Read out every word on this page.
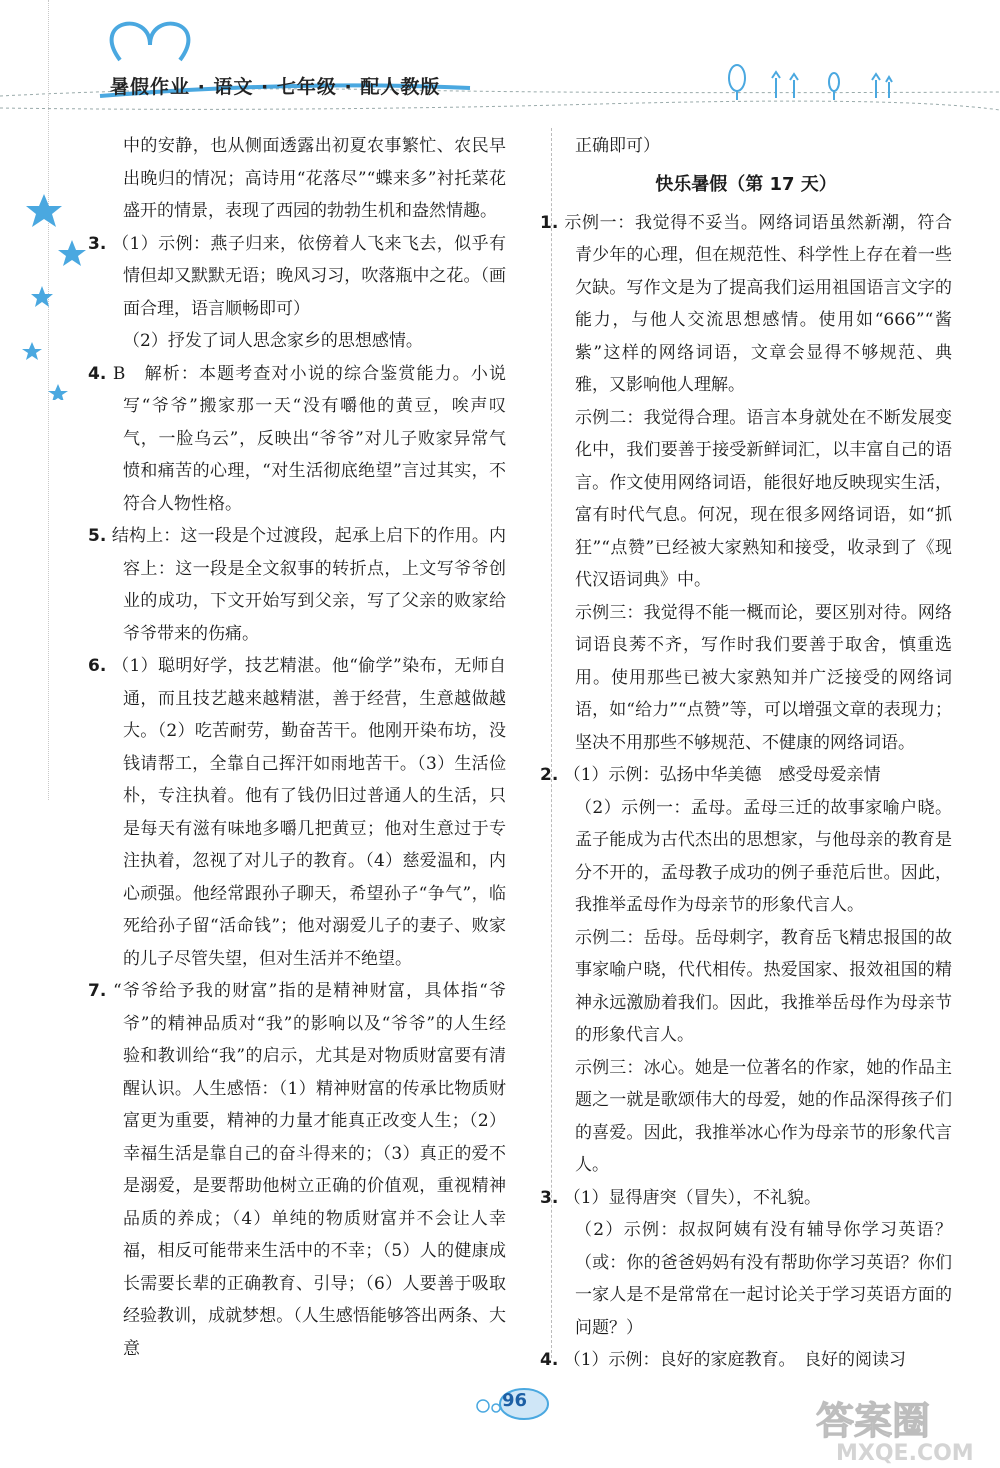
暑假作业 · 语文 · 七年级 · 配人教版

中的安静，也从侧面透露出初夏农事繁忙、农民早出晚归的情况；高诗用“花落尽”“蝶来多”衬托菜花盛开的情景，表现了西园的勃勃生机和盎然情趣。

3. （1）示例：燕子归来，依傍着人飞来飞去，似乎有情但却又默默无语；晚风习习，吹落瓶中之花。（画面合理，语言顺畅即可）

（2）抒发了词人思念家乡的思想感情。

4. B　解析：本题考查对小说的综合鉴赏能力。小说写“爷爷”搬家那一天“没有嚼他的黄豆，唉声叹气，一脸乌云”，反映出“爷爷”对儿子败家异常气愤和痛苦的心理，“对生活彻底绝望”言过其实，不符合人物性格。

5. 结构上：这一段是个过渡段，起承上启下的作用。内容上：这一段是全文叙事的转折点，上文写爷爷创业的成功，下文开始写到父亲，写了父亲的败家给爷爷带来的伤痛。

6. （1）聪明好学，技艺精湛。他“偷学”染布，无师自通，而且技艺越来越精湛，善于经营，生意越做越大。（2）吃苦耐劳，勤奋苦干。他刚开染布坊，没钱请帮工，全靠自己挥汗如雨地苦干。（3）生活俭朴，专注执着。他有了钱仍旧过普通人的生活，只是每天有滋有味地多嚼几把黄豆；他对生意过于专注执着，忽视了对儿子的教育。（4）慈爱温和，内心顽强。他经常跟孙子聊天，希望孙子“争气”，临死给孙子留“活命钱”；他对溺爱儿子的妻子、败家的儿子尽管失望，但对生活并不绝望。

7. “爷爷给予我的财富”指的是精神财富，具体指“爷爷”的精神品质对“我”的影响以及“爷爷”的人生经验和教训给“我”的启示，尤其是对物质财富要有清醒认识。人生感悟：（1）精神财富的传承比物质财富更为重要，精神的力量才能真正改变人生；（2）幸福生活是靠自己的奋斗得来的；（3）真正的爱不是溺爱，是要帮助他树立正确的价值观，重视精神品质的养成；（4）单纯的物质财富并不会让人幸福，相反可能带来生活中的不幸；（5）人的健康成长需要长辈的正确教育、引导；（6）人要善于吸取经验教训，成就梦想。（人生感悟能够答出两条、大意

正确即可）

快乐暑假（第 17 天）

1. 示例一：我觉得不妥当。网络词语虽然新潮，符合青少年的心理，但在规范性、科学性上存在着一些欠缺。写作文是为了提高我们运用祖国语言文字的能力，与他人交流思想感情。使用如“666”“酱紫”这样的网络词语，文章会显得不够规范、典雅，又影响他人理解。

示例二：我觉得合理。语言本身就处在不断发展变化中，我们要善于接受新鲜词汇，以丰富自己的语言。作文使用网络词语，能很好地反映现实生活，富有时代气息。何况，现在很多网络词语，如“抓狂”“点赞”已经被大家熟知和接受，收录到了《现代汉语词典》中。

示例三：我觉得不能一概而论，要区别对待。网络词语良莠不齐，写作时我们要善于取舍，慎重选用。使用那些已被大家熟知并广泛接受的网络词语，如“给力”“点赞”等，可以增强文章的表现力；坚决不用那些不够规范、不健康的网络词语。

2. （1）示例：弘扬中华美德　感受母爱亲情

（2）示例一：孟母。孟母三迁的故事家喻户晓。孟子能成为古代杰出的思想家，与他母亲的教育是分不开的，孟母教子成功的例子垂范后世。因此，我推举孟母作为母亲节的形象代言人。

示例二：岳母。岳母刺字，教育岳飞精忠报国的故事家喻户晓，代代相传。热爱国家、报效祖国的精神永远激励着我们。因此，我推举岳母作为母亲节的形象代言人。

示例三：冰心。她是一位著名的作家，她的作品主题之一就是歌颂伟大的母爱，她的作品深得孩子们的喜爱。因此，我推举冰心作为母亲节的形象代言人。

3. （1）显得唐突（冒失），不礼貌。

（2）示例：叔叔阿姨有没有辅导你学习英语？（或：你的爸爸妈妈有没有帮助你学习英语？你们一家人是不是常常在一起讨论关于学习英语方面的问题？）

4. （1）示例：良好的家庭教育。　良好的阅读习

96	答案圈
MXQE.COM
